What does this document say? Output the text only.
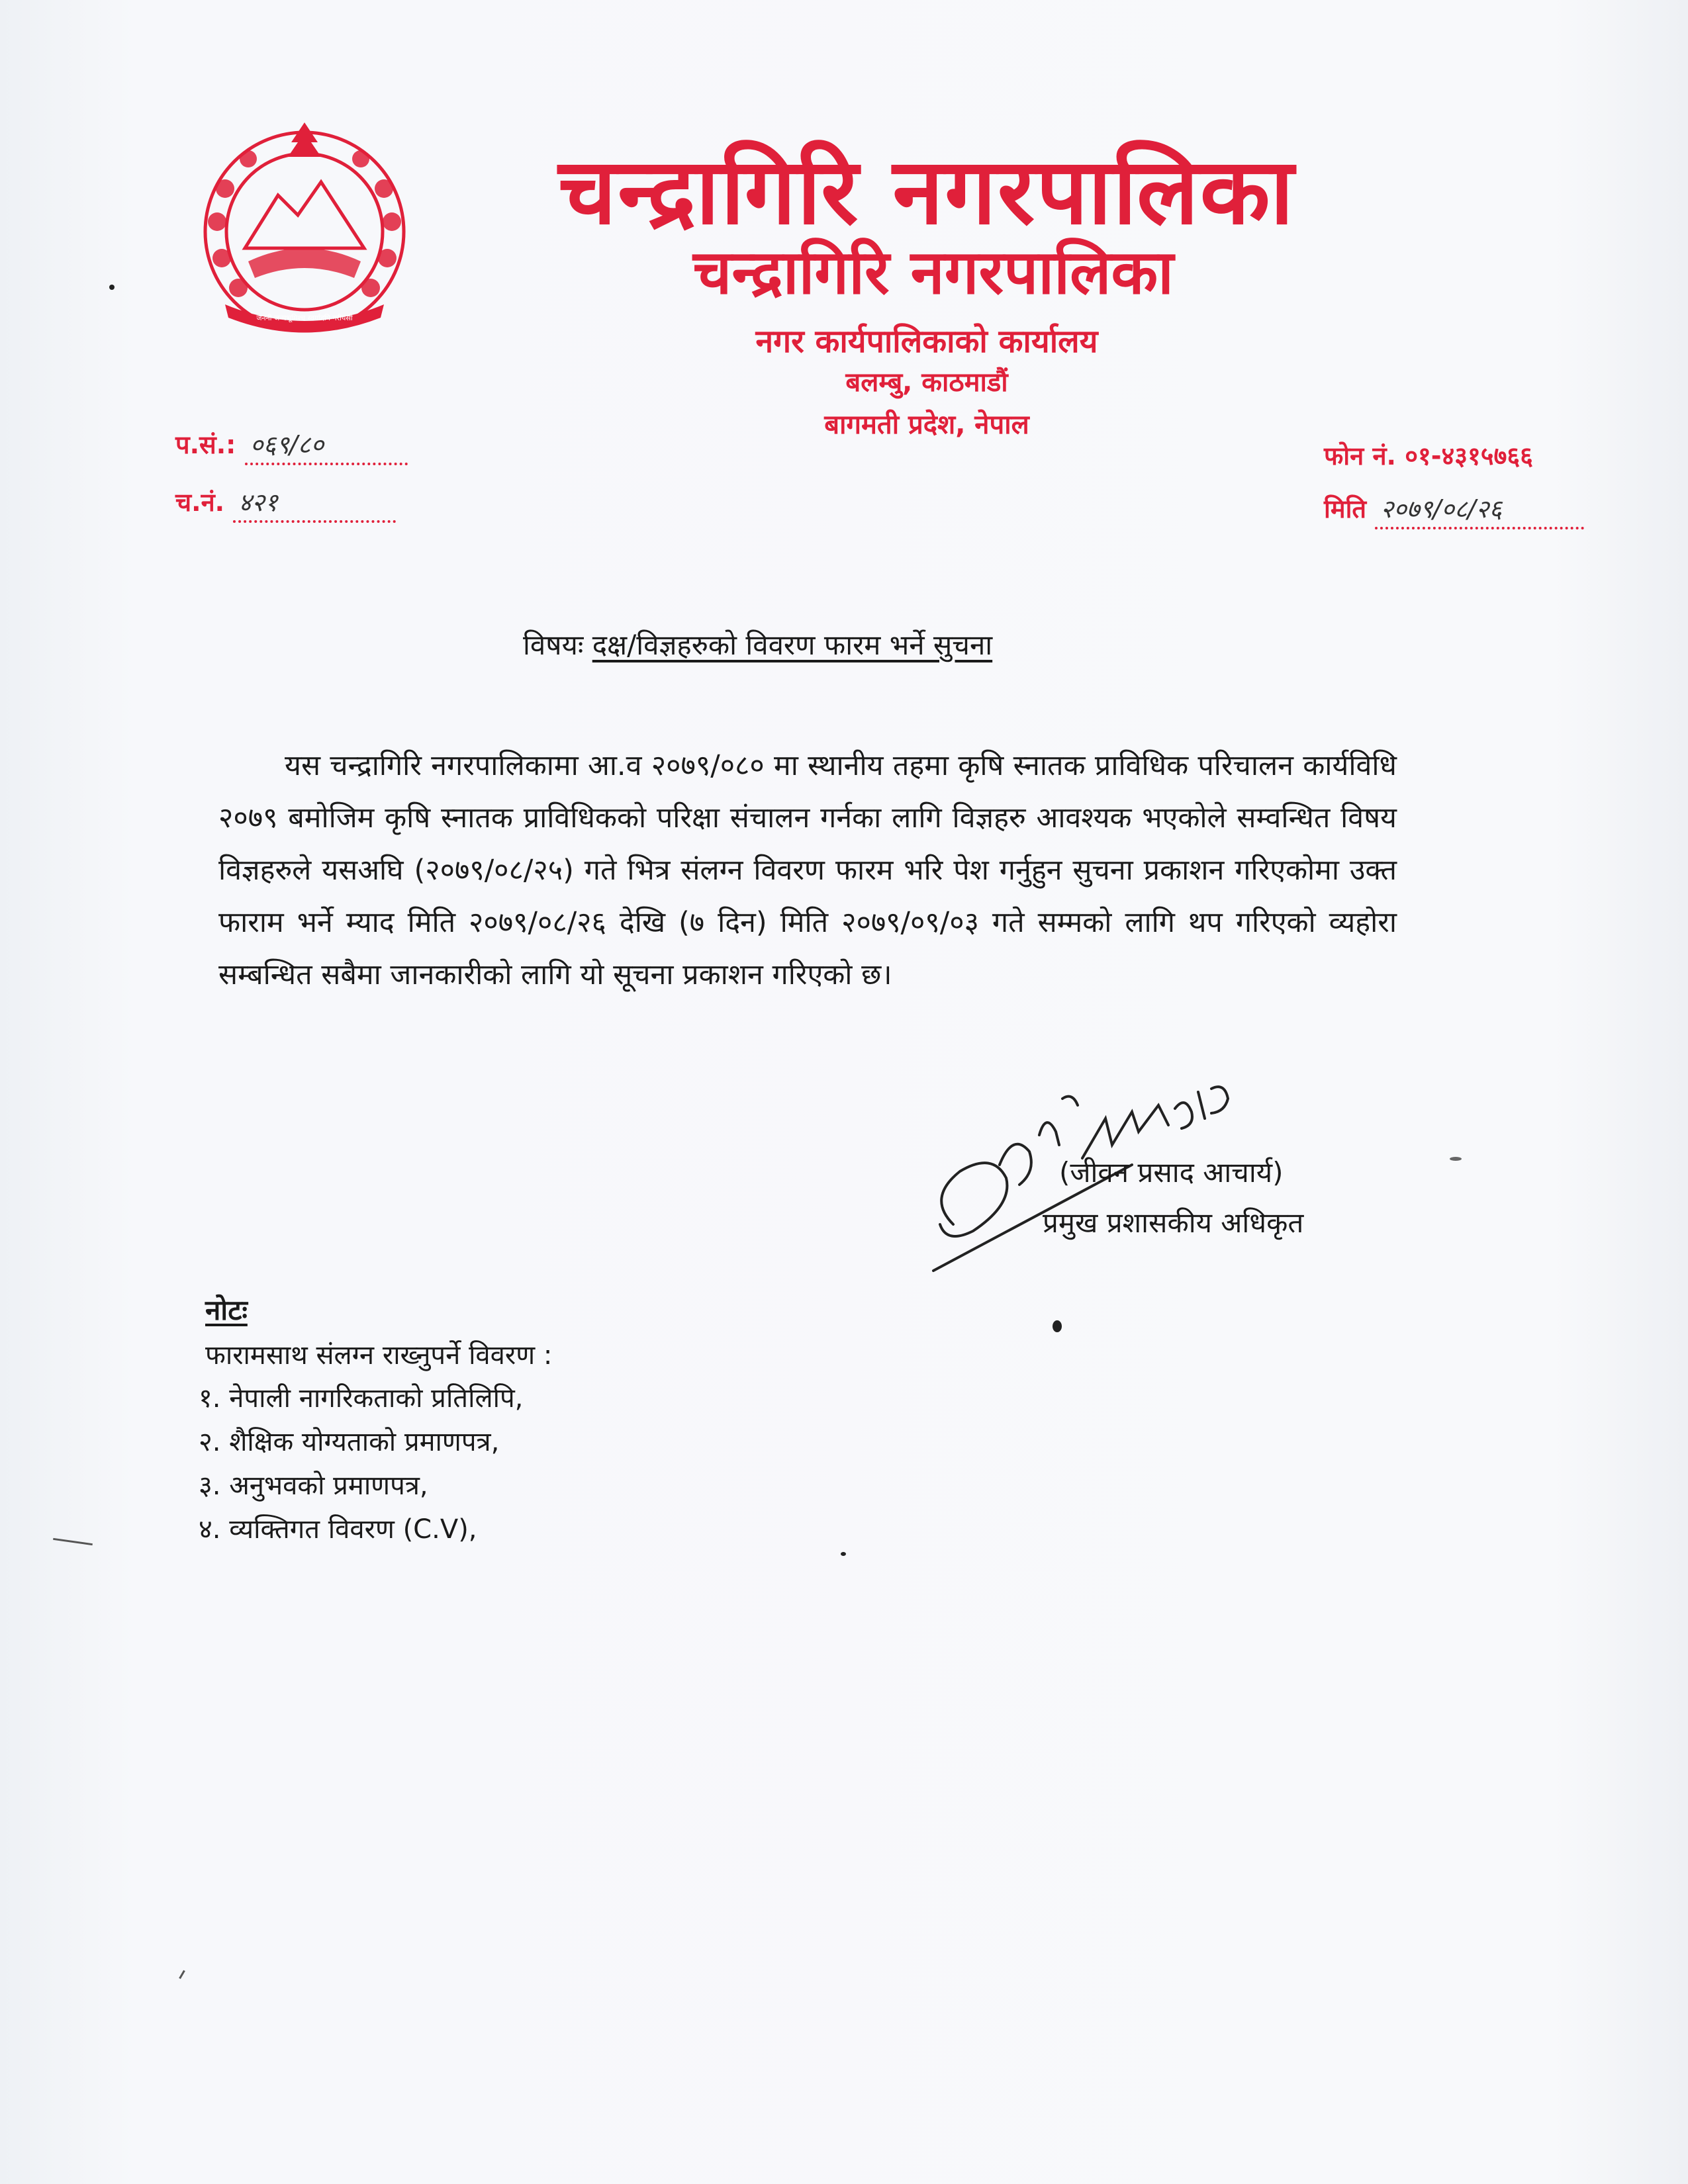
जननी जन्मभूमिश्च स्वर्गादपि गरीयसी
चन्द्रागिरि नगरपालिका
चन्द्रागिरि नगरपालिका
नगर कार्यपालिकाको कार्यालय
बलम्बु, काठमाडौं
बागमती प्रदेश, नेपाल
प.सं.: ०६९/८०
च.नं. ४२१
फोन नं. ०१-४३१५७६६
मिति २०७९/०८/२६
विषयः दक्ष/विज्ञहरुको विवरण फारम भर्ने सुचना
यस चन्द्रागिरि नगरपालिकामा आ.व २०७९/०८० मा स्थानीय तहमा कृषि स्नातक प्राविधिक परिचालन कार्यविधि २०७९ बमोजिम कृषि स्नातक प्राविधिकको परिक्षा संचालन गर्नका लागि विज्ञहरु आवश्यक भएकोले सम्वन्धित विषय विज्ञहरुले यसअघि (२०७९/०८/२५) गते भित्र संलग्न विवरण फारम भरि पेश गर्नुहुन सुचना प्रकाशन गरिएकोमा उक्त फाराम भर्ने म्याद मिति २०७९/०८/२६ देखि (७ दिन) मिति २०७९/०९/०३ गते सम्मको लागि थप गरिएको व्यहोरा सम्बन्धित सबैमा जानकारीको लागि यो सूचना प्रकाशन गरिएको छ।
(जीवन प्रसाद आचार्य)
प्रमुख प्रशासकीय अधिकृत
नोटः
फारामसाथ संलग्न राख्नुपर्ने विवरण :
१. नेपाली नागरिकताको प्रतिलिपि,
२. शैक्षिक योग्यताको प्रमाणपत्र,
३. अनुभवको प्रमाणपत्र,
४. व्यक्तिगत विवरण (C.V),
